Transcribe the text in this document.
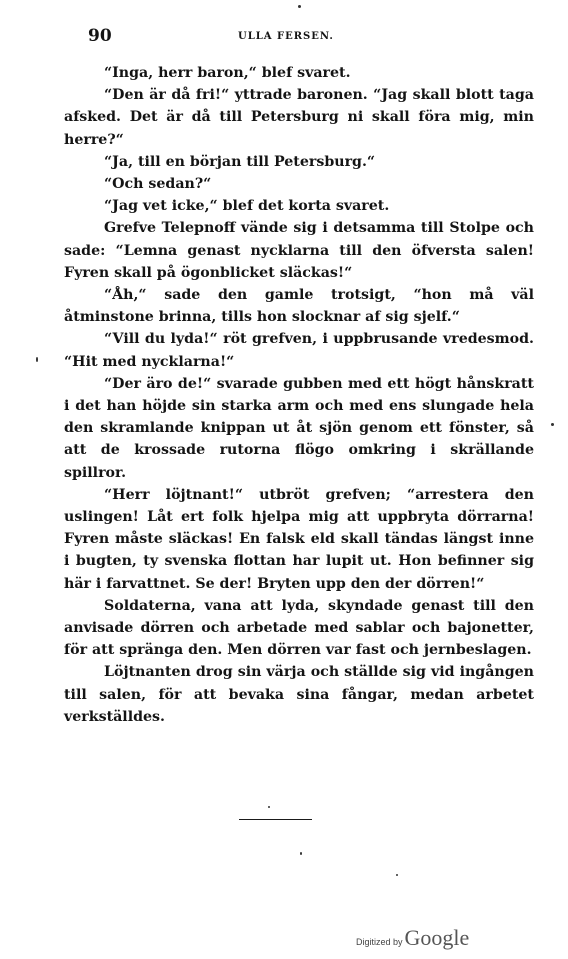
90	ULLA FERSEN.

“Inga, herr baron,“ blef svaret.

“Den är då fri!“ yttrade baronen. “Jag skall blott taga afsked. Det är då till Petersburg ni skall föra mig, min herre?“

“Ja, till en början till Petersburg.“

“Och sedan?“

“Jag vet icke,“ blef det korta svaret.

Grefve Telepnoff vände sig i detsamma till Stolpe och sade: “Lemna genast nycklarna till den öfversta salen! Fyren skall på ögonblicket släckas!“

“Åh,“ sade den gamle trotsigt, “hon må väl åtminstone brinna, tills hon slocknar af sig sjelf.“

“Vill du lyda!“ röt grefven, i uppbrusande vredesmod. “Hit med nycklarna!“

“Der äro de!“ svarade gubben med ett högt hånskratt i det han höjde sin starka arm och med ens slungade hela den skramlande knippan ut åt sjön genom ett fönster, så att de krossade rutorna flögo omkring i skrällande spillror.

“Herr löjtnant!“ utbröt grefven; “arrestera den uslingen! Låt ert folk hjelpa mig att uppbryta dörrarna! Fyren måste släckas! En falsk eld skall tändas längst inne i bugten, ty svenska flottan har lupit ut. Hon befinner sig här i farvattnet. Se der! Bryten upp den der dörren!“

Soldaterna, vana att lyda, skyndade genast till den anvisade dörren och arbetade med sablar och bajonetter, för att spränga den. Men dörren var fast och jernbeslagen.

Löjtnanten drog sin värja och ställde sig vid ingången till salen, för att bevaka sina fångar, medan arbetet verkställdes.

Digitized by Google
